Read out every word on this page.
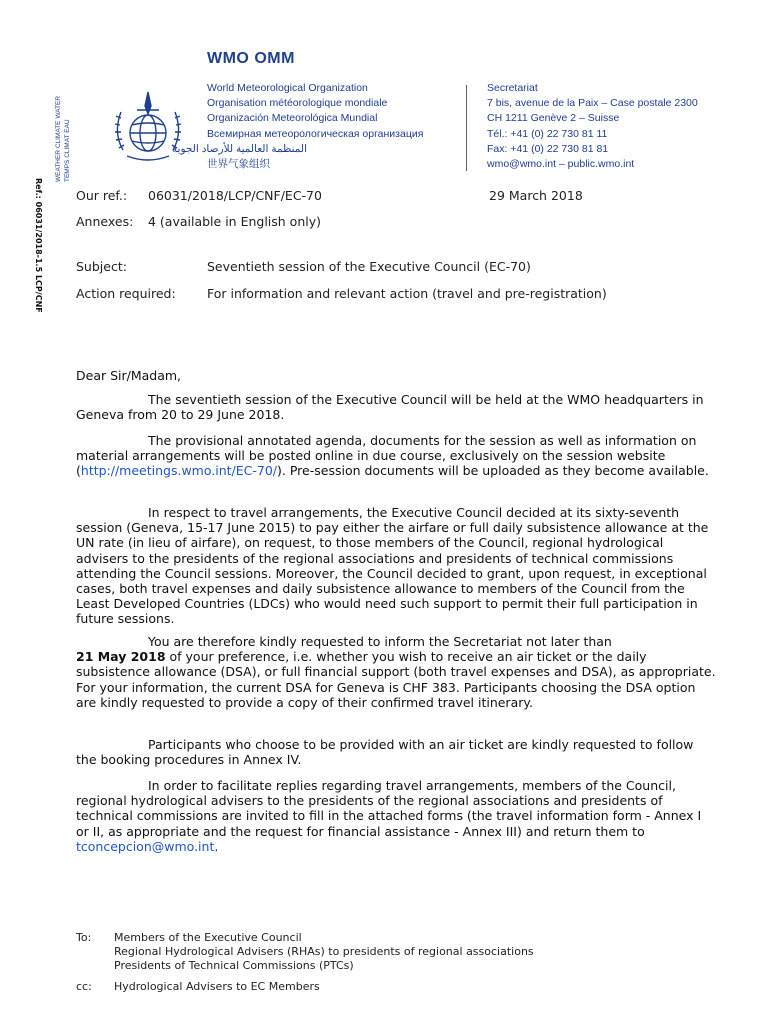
Ref.: 06031/2018-1.5 LCP/CNF
WEATHER CLIMATE WATER TEMPS CLIMAT EAU
WMO OMM
World Meteorological Organization
Organisation météorologique mondiale
Organización Meteorológica Mundial
Всемирная метеорологическая организация
المنظمة العالمية للأرصاد الجوية
世界气象组织
Secretariat
7 bis, avenue de la Paix – Case postale 2300
CH 1211 Genève 2 – Suisse
Tél.: +41 (0) 22 730 81 11
Fax: +41 (0) 22 730 81 81
wmo@wmo.int – public.wmo.int
Our ref.: 06031/2018/LCP/CNF/EC-70	29 March 2018
Annexes: 4 (available in English only)
Subject:	Seventieth session of the Executive Council (EC-70)
Action required:	For information and relevant action (travel and pre-registration)
Dear Sir/Madam,

The seventieth session of the Executive Council will be held at the WMO headquarters in Geneva from 20 to 29 June 2018.

The provisional annotated agenda, documents for the session as well as information on material arrangements will be posted online in due course, exclusively on the session website (http://meetings.wmo.int/EC-70/). Pre-session documents will be uploaded as they become available.

In respect to travel arrangements, the Executive Council decided at its sixty-seventh session (Geneva, 15-17 June 2015) to pay either the airfare or full daily subsistence allowance at the UN rate (in lieu of airfare), on request, to those members of the Council, regional hydrological advisers to the presidents of the regional associations and presidents of technical commissions attending the Council sessions. Moreover, the Council decided to grant, upon request, in exceptional cases, both travel expenses and daily subsistence allowance to members of the Council from the Least Developed Countries (LDCs) who would need such support to permit their full participation in future sessions.

You are therefore kindly requested to inform the Secretariat not later than
21 May 2018 of your preference, i.e. whether you wish to receive an air ticket or the daily subsistence allowance (DSA), or full financial support (both travel expenses and DSA), as appropriate. For your information, the current DSA for Geneva is CHF 383. Participants choosing the DSA option are kindly requested to provide a copy of their confirmed travel itinerary.

Participants who choose to be provided with an air ticket are kindly requested to follow the booking procedures in Annex IV.

In order to facilitate replies regarding travel arrangements, members of the Council, regional hydrological advisers to the presidents of the regional associations and presidents of technical commissions are invited to fill in the attached forms (the travel information form - Annex I or II, as appropriate and the request for financial assistance - Annex III) and return them to tconcepcion@wmo.int.

To:	Members of the Executive Council
Regional Hydrological Advisers (RHAs) to presidents of regional associations
Presidents of Technical Commissions (PTCs)
cc:	Hydrological Advisers to EC Members
